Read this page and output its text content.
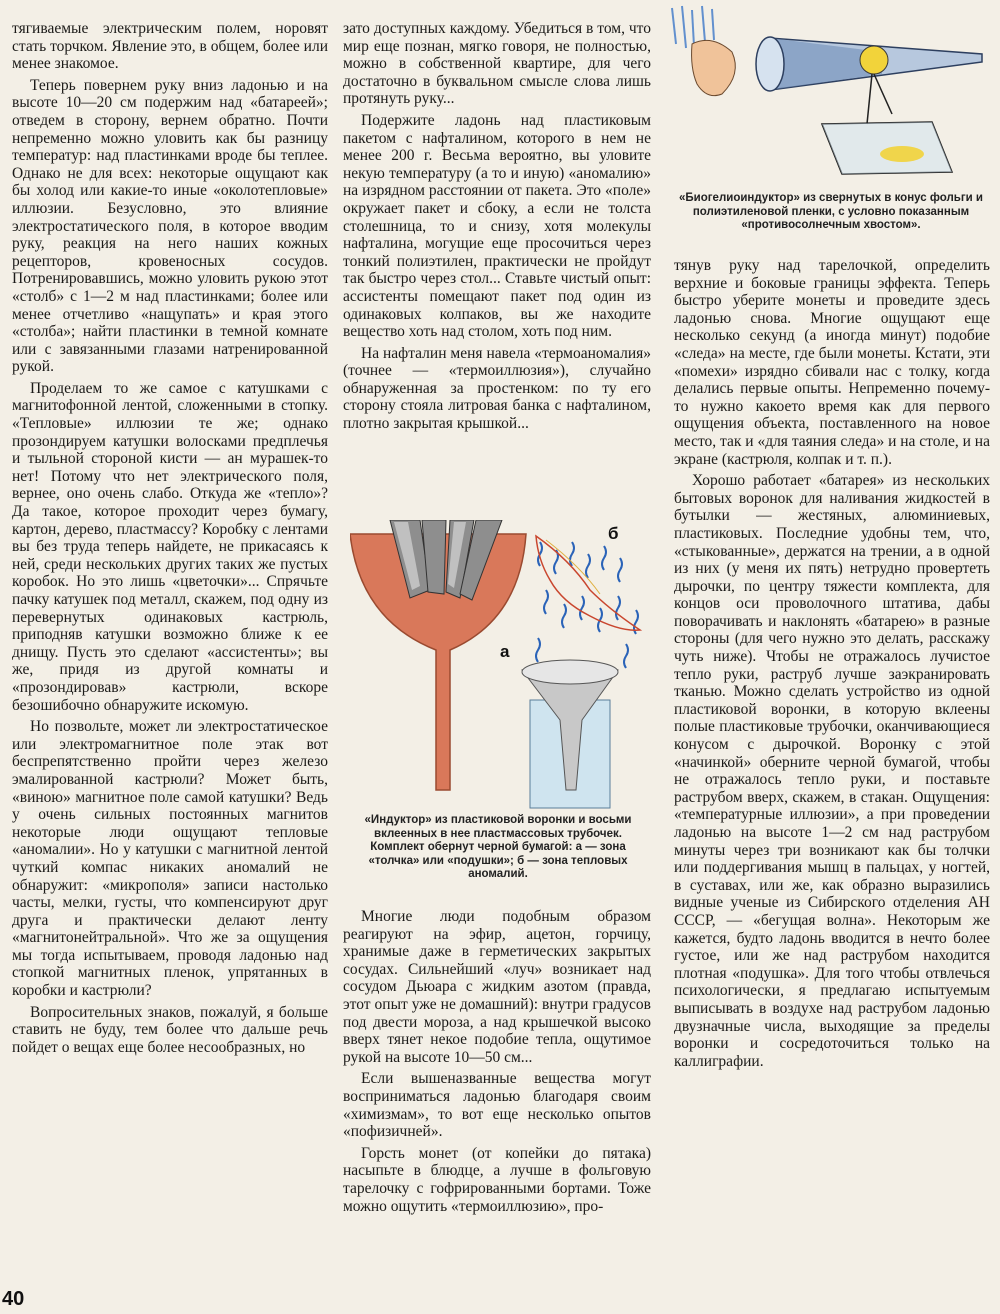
«Биогелиоиндуктор» из свернутых в конус фольги и полиэтиленовой пленки, с условно показанным «противосолнечным хвостом».

тягиваемые электрическим полем, норовят стать торчком. Явление это, в общем, более или менее знакомое.

Теперь повернем руку вниз ладонью и на высоте 10—20 см подержим над «батареей»; отведем в сторону, вернем обратно. Почти непременно можно уловить как бы разницу температур: над пластинками вроде бы теплее. Однако не для всех: некоторые ощущают как бы холод или какие-то иные «околотепловые» иллюзии. Безусловно, это влияние электростатического поля, в которое вводим руку, реакция на него наших кожных рецепторов, кровеносных сосудов. Потренировавшись, можно уловить рукою этот «столб» с 1—2 м над пластинками; более или менее отчетливо «нащупать» и края этого «столба»; найти пластинки в темной комнате или с завязанными глазами натренированной рукой.

Проделаем то же самое с катушками с магнитофонной лентой, сложенными в стопку. «Тепловые» иллюзии те же; однако прозондируем катушки волосками предплечья и тыльной стороной кисти — ан мурашек-то нет! Потому что нет электрического поля, вернее, оно очень слабо. Откуда же «тепло»? Да такое, которое проходит через бумагу, картон, дерево, пластмассу? Коробку с лентами вы без труда теперь найдете, не прикасаясь к ней, среди нескольких других таких же пустых коробок. Но это лишь «цветочки»... Спрячьте пачку катушек под металл, скажем, под одну из перевернутых одинаковых кастрюль, приподняв катушки возможно ближе к ее днищу. Пусть это сделают «ассистенты»; вы же, придя из другой комнаты и «прозондировав» кастрюли, вскоре безошибочно обнаружите искомую.

Но позвольте, может ли электростатическое или электромагнитное поле этак вот беспрепятственно пройти через железо эмалированной кастрюли? Может быть, «виною» магнитное поле самой катушки? Ведь у очень сильных постоянных магнитов некоторые люди ощущают тепловые «аномалии». Но у катушки с магнитной лентой чуткий компас никаких аномалий не обнаружит: «микрополя» записи настолько часты, мелки, густы, что компенсируют друг друга и практически делают ленту «магнитонейтральной». Что же за ощущения мы тогда испытываем, проводя ладонью над стопкой магнитных пленок, упрятанных в коробки и кастрюли?

Вопросительных знаков, пожалуй, я больше ставить не буду, тем более что дальше речь пойдет о вещах еще более несообразных, но

зато доступных каждому. Убедиться в том, что мир еще познан, мягко говоря, не полностью, можно в собственной квартире, для чего достаточно в буквальном смысле слова лишь протянуть руку...

Подержите ладонь над пластиковым пакетом с нафталином, которого в нем не менее 200 г. Весьма вероятно, вы уловите некую температуру (а то и иную) «аномалию» на изрядном расстоянии от пакета. Это «поле» окружает пакет и сбоку, а если не толста столешница, то и снизу, хотя молекулы нафталина, могущие еще просочиться через тонкий полиэтилен, практически не пройдут так быстро через стол... Ставьте чистый опыт: ассистенты помещают пакет под один из одинаковых колпаков, вы же находите вещество хоть над столом, хоть под ним.

На нафталин меня навела «термоаномалия» (точнее — «термоиллюзия»), случайно обнаруженная за простенком: по ту его сторону стояла литровая банка с нафталином, плотно закрытая крышкой...

б
а
«Индуктор» из пластиковой воронки и восьми вклеенных в нее пластмассовых трубочек. Комплект обернут черной бумагой: а — зона «толчка» или «подушки»; б — зона тепловых аномалий.

Многие люди подобным образом реагируют на эфир, ацетон, горчицу, хранимые даже в герметических закрытых сосудах. Сильнейший «луч» возникает над сосудом Дьюара с жидким азотом (правда, этот опыт уже не домашний): внутри градусов под двести мороза, а над крышечкой высоко вверх тянет некое подобие тепла, ощутимое рукой на высоте 10—50 см...

Если вышеназванные вещества могут восприниматься ладонью благодаря своим «химизмам», то вот еще несколько опытов «пофизичней».

Горсть монет (от копейки до пятака) насыпьте в блюдце, а лучше в фольговую тарелочку с гофрированными бортами. Тоже можно ощутить «термоиллюзию», про-

тянув руку над тарелочкой, определить верхние и боковые границы эффекта. Теперь быстро уберите монеты и проведите здесь ладонью снова. Многие ощущают еще несколько секунд (а иногда минут) подобие «следа» на месте, где были монеты. Кстати, эти «помехи» изрядно сбивали нас с толку, когда делались первые опыты. Непременно почему-то нужно какоето время как для первого ощущения объекта, поставленного на новое место, так и «для таяния следа» и на столе, и на экране (кастрюля, колпак и т. п.).

Хорошо работает «батарея» из нескольких бытовых воронок для наливания жидкостей в бутылки — жестяных, алюминиевых, пластиковых. Последние удобны тем, что, «стыкованные», держатся на трении, а в одной из них (у меня их пять) нетрудно провертеть дырочки, по центру тяжести комплекта, для концов оси проволочного штатива, дабы поворачивать и наклонять «батарею» в разные стороны (для чего нужно это делать, расскажу чуть ниже). Чтобы не отражалось лучистое тепло руки, раструб лучше заэкранировать тканью. Можно сделать устройство из одной пластиковой воронки, в которую вклеены полые пластиковые трубочки, оканчивающиеся конусом с дырочкой. Воронку с этой «начинкой» оберните черной бумагой, чтобы не отражалось тепло руки, и поставьте раструбом вверх, скажем, в стакан. Ощущения: «температурные иллюзии», а при проведении ладонью на высоте 1—2 см над раструбом минуты через три возникают как бы толчки или поддергивания мышц в пальцах, у ногтей, в суставах, или же, как образно выразились видные ученые из Сибирского отделения АН СССР, — «бегущая волна». Некоторым же кажется, будто ладонь вводится в нечто более густое, или же над раструбом находится плотная «подушка». Для того чтобы отвлечься психологически, я предлагаю испытуемым выписывать в воздухе над раструбом ладонью двузначные числа, выходящие за пределы воронки и сосредоточиться только на каллиграфии.

40
